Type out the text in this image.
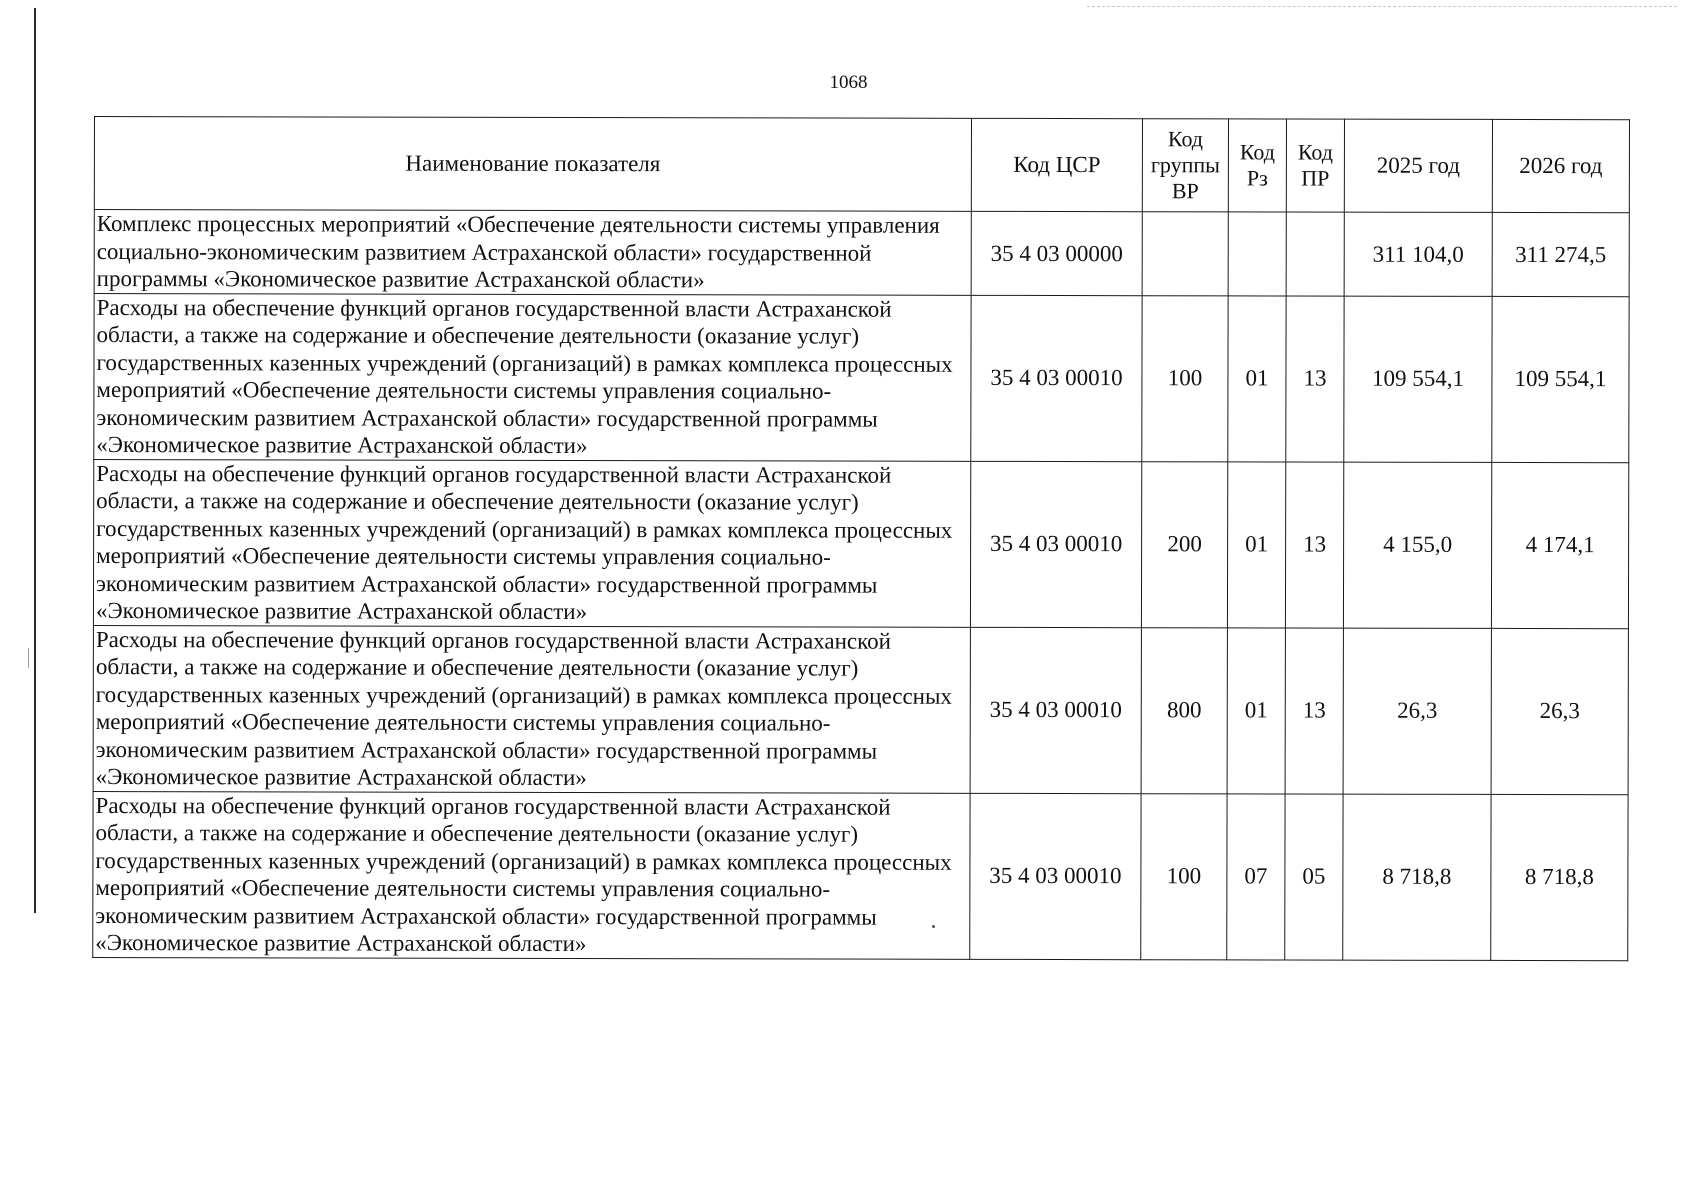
1068
Наименование показателя	Код ЦСР	Код группы ВР	Код Рз	Код ПР	2025 год	2026 год
Комплекс процессных мероприятий «Обеспечение деятельности системы управления социально-экономическим развитием Астраханской области» государственной программы «Экономическое развитие Астраханской области»	35 4 03 00000				311 104,0	311 274,5
Расходы на обеспечение функций органов государственной власти Астраханской области, а также на содержание и обеспечение деятельности (оказание услуг) государственных казенных учреждений (организаций) в рамках комплекса процессных мероприятий «Обеспечение деятельности системы управления социально-экономическим развитием Астраханской области» государственной программы «Экономическое развитие Астраханской области»	35 4 03 00010	100	01	13	109 554,1	109 554,1
Расходы на обеспечение функций органов государственной власти Астраханской области, а также на содержание и обеспечение деятельности (оказание услуг) государственных казенных учреждений (организаций) в рамках комплекса процессных мероприятий «Обеспечение деятельности системы управления социально-экономическим развитием Астраханской области» государственной программы «Экономическое развитие Астраханской области»	35 4 03 00010	200	01	13	4 155,0	4 174,1
Расходы на обеспечение функций органов государственной власти Астраханской области, а также на содержание и обеспечение деятельности (оказание услуг) государственных казенных учреждений (организаций) в рамках комплекса процессных мероприятий «Обеспечение деятельности системы управления социально-экономическим развитием Астраханской области» государственной программы «Экономическое развитие Астраханской области»	35 4 03 00010	800	01	13	26,3	26,3
Расходы на обеспечение функций органов государственной власти Астраханской области, а также на содержание и обеспечение деятельности (оказание услуг) государственных казенных учреждений (организаций) в рамках комплекса процессных мероприятий «Обеспечение деятельности системы управления социально-экономическим развитием Астраханской области» государственной программы «Экономическое развитие Астраханской области»	35 4 03 00010	100	07	05	8 718,8	8 718,8
